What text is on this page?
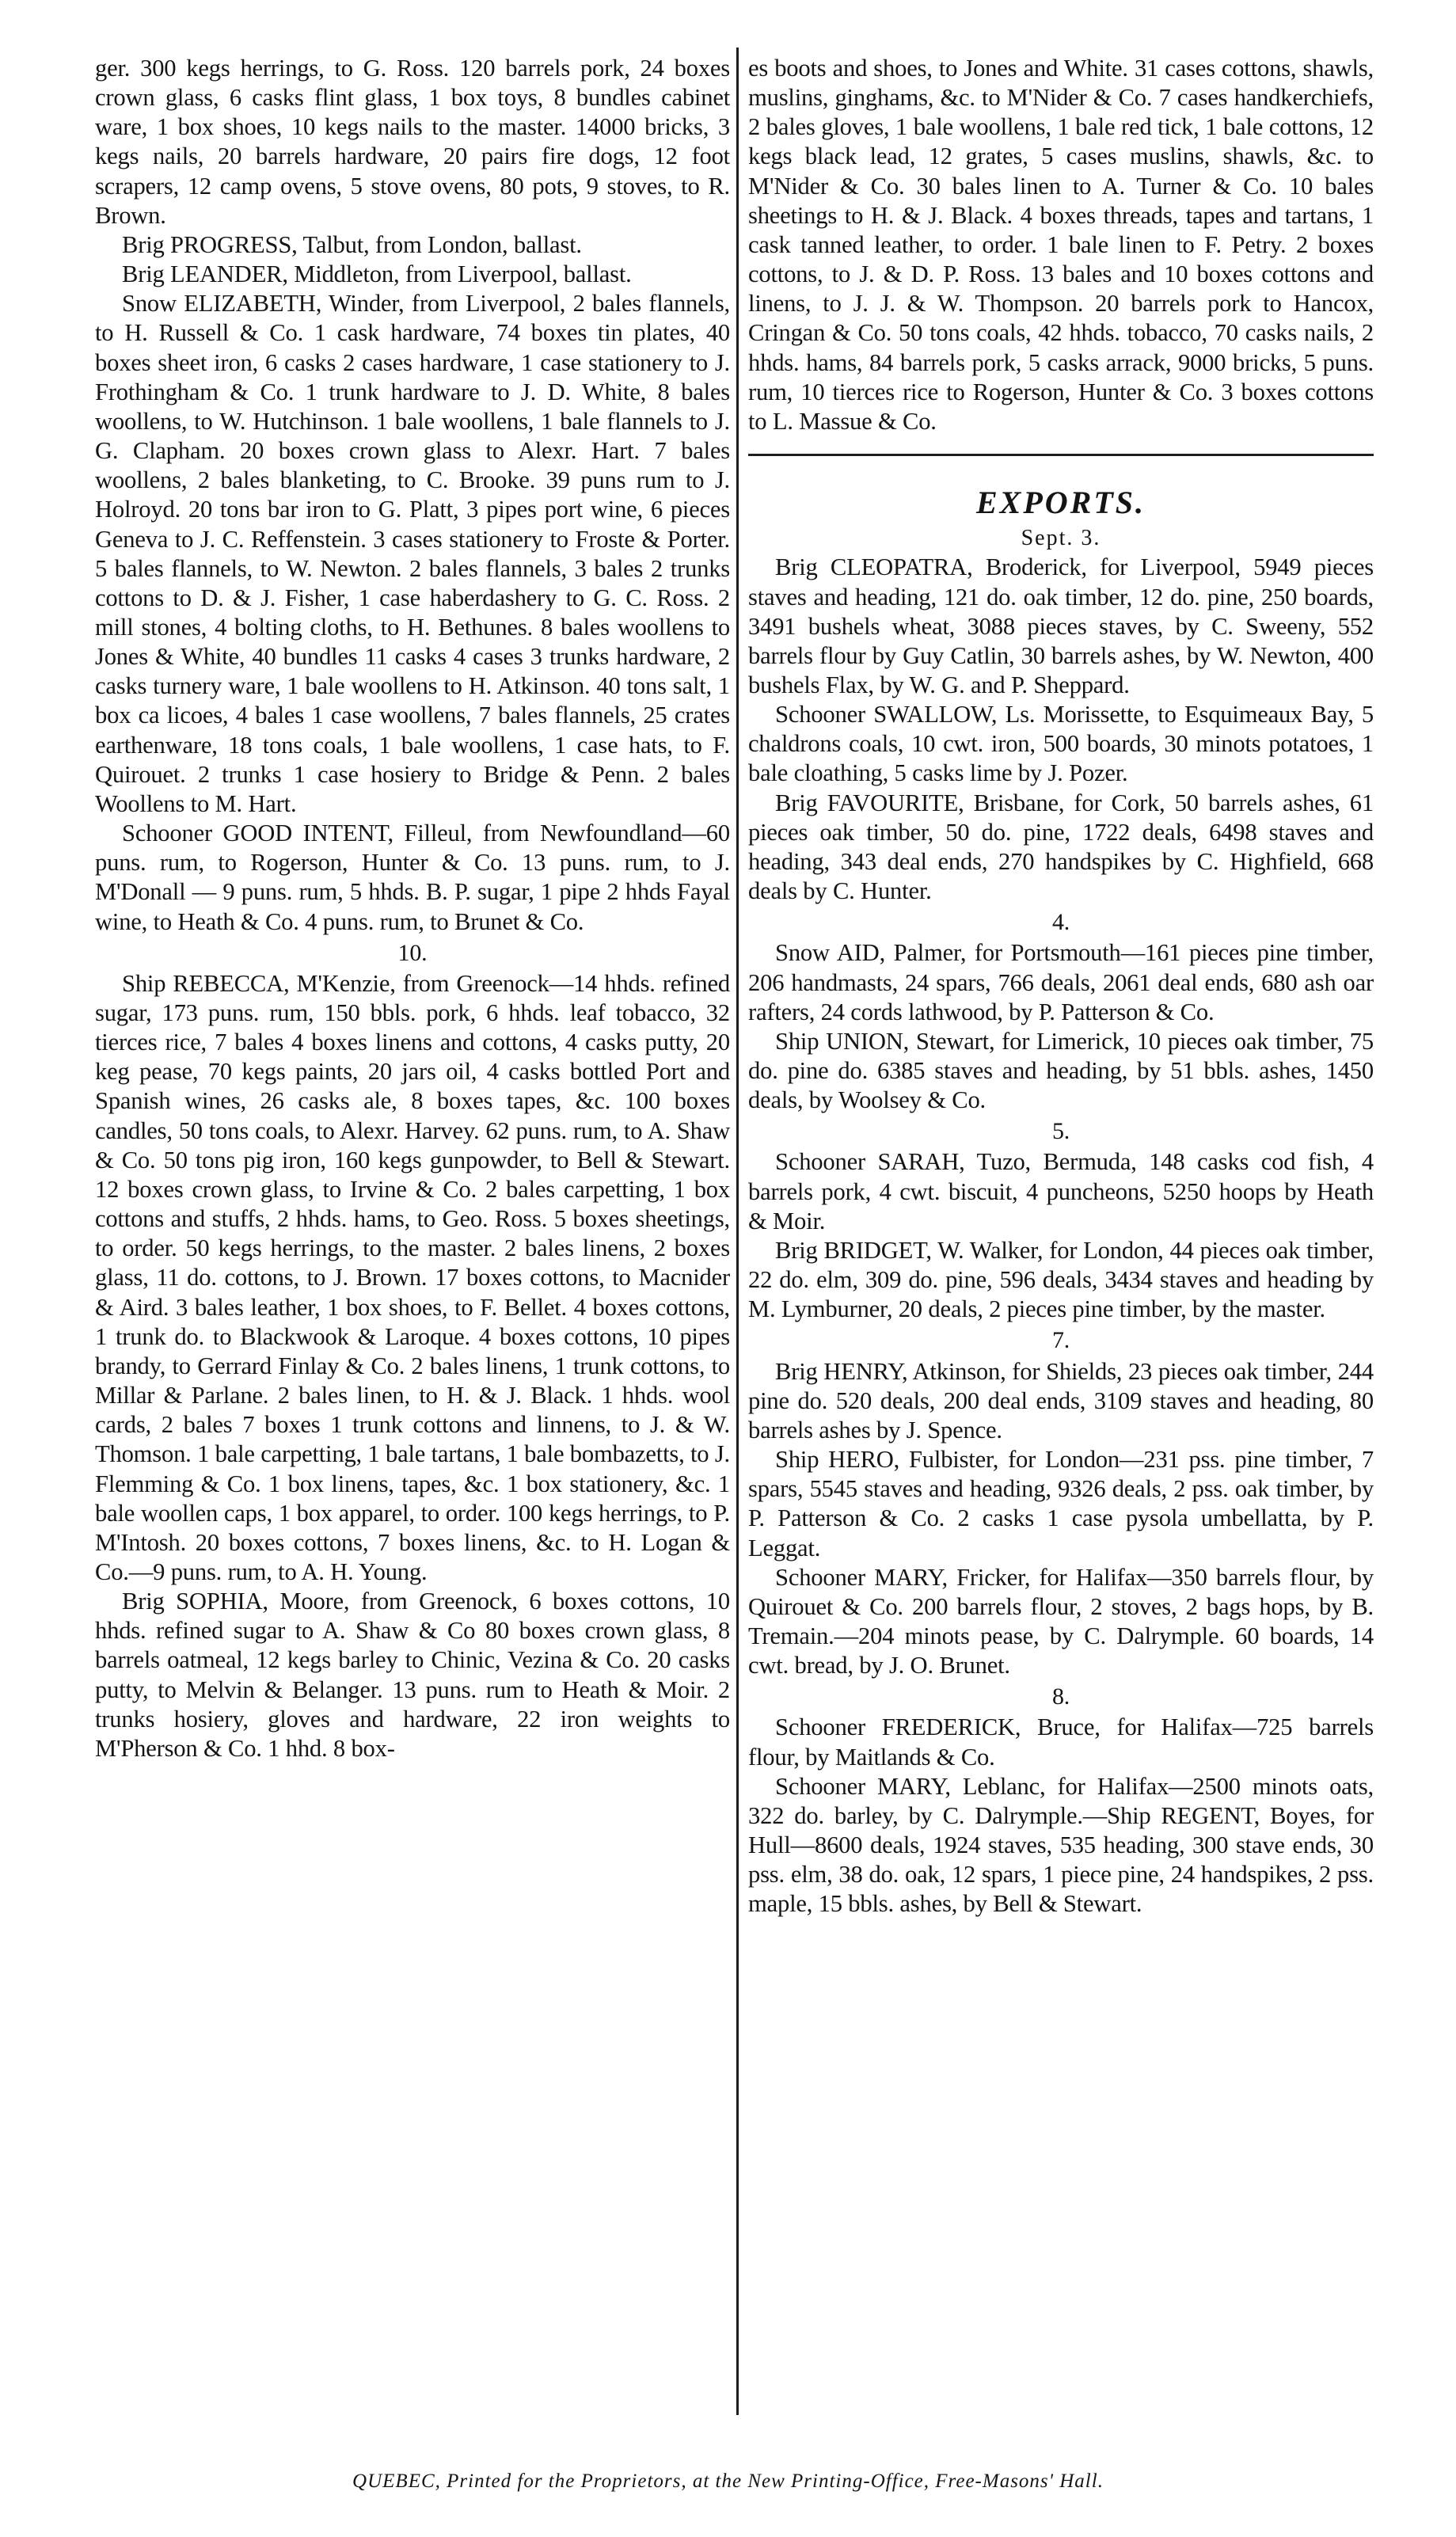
ger. 300 kegs herrings, to G. Ross. 120 barrels pork, 24 boxes crown glass, 6 casks flint glass, 1 box toys, 8 bundles cabinet ware, 1 box shoes, 10 kegs nails to the master. 14000 bricks, 3 kegs nails, 20 barrels hardware, 20 pairs fire dogs, 12 foot scrapers, 12 camp ovens, 5 stove ovens, 80 pots, 9 stoves, to R. Brown.

Brig PROGRESS, Talbut, from London, ballast.

Brig LEANDER, Middleton, from Liverpool, ballast.

Snow ELIZABETH, Winder, from Liverpool, 2 bales flannels, to H. Russell & Co. 1 cask hardware, 74 boxes tin plates, 40 boxes sheet iron, 6 casks 2 cases hardware, 1 case stationery to J. Frothingham & Co. 1 trunk hardware to J. D. White, 8 bales woollens, to W. Hutchinson. 1 bale woollens, 1 bale flannels to J. G. Clapham. 20 boxes crown glass to Alexr. Hart. 7 bales woollens, 2 bales blanketing, to C. Brooke. 39 puns rum to J. Holroyd. 20 tons bar iron to G. Platt, 3 pipes port wine, 6 pieces Geneva to J. C. Reffenstein. 3 cases stationery to Froste & Porter. 5 bales flannels, to W. Newton. 2 bales flannels, 3 bales 2 trunks cottons to D. & J. Fisher, 1 case haberdashery to G. C. Ross. 2 mill stones, 4 bolting cloths, to H. Bethunes. 8 bales woollens to Jones & White, 40 bundles 11 casks 4 cases 3 trunks hardware, 2 casks turnery ware, 1 bale woollens to H. Atkinson. 40 tons salt, 1 box ca licoes, 4 bales 1 case woollens, 7 bales flannels, 25 crates earthenware, 18 tons coals, 1 bale woollens, 1 case hats, to F. Quirouet. 2 trunks 1 case hosiery to Bridge & Penn. 2 bales Woollens to M. Hart.

Schooner GOOD INTENT, Filleul, from Newfoundland—60 puns. rum, to Rogerson, Hunter & Co. 13 puns. rum, to J. M'Donall — 9 puns. rum, 5 hhds. B. P. sugar, 1 pipe 2 hhds Fayal wine, to Heath & Co. 4 puns. rum, to Brunet & Co.

10.

Ship REBECCA, M'Kenzie, from Greenock—14 hhds. refined sugar, 173 puns. rum, 150 bbls. pork, 6 hhds. leaf tobacco, 32 tierces rice, 7 bales 4 boxes linens and cottons, 4 casks putty, 20 keg pease, 70 kegs paints, 20 jars oil, 4 casks bottled Port and Spanish wines, 26 casks ale, 8 boxes tapes, &c. 100 boxes candles, 50 tons coals, to Alexr. Harvey. 62 puns. rum, to A. Shaw & Co. 50 tons pig iron, 160 kegs gunpowder, to Bell & Stewart. 12 boxes crown glass, to Irvine & Co. 2 bales carpetting, 1 box cottons and stuffs, 2 hhds. hams, to Geo. Ross. 5 boxes sheetings, to order. 50 kegs herrings, to the master. 2 bales linens, 2 boxes glass, 11 do. cottons, to J. Brown. 17 boxes cottons, to Macnider & Aird. 3 bales leather, 1 box shoes, to F. Bellet. 4 boxes cottons, 1 trunk do. to Blackwook & Laroque. 4 boxes cottons, 10 pipes brandy, to Gerrard Finlay & Co. 2 bales linens, 1 trunk cottons, to Millar & Parlane. 2 bales linen, to H. & J. Black. 1 hhds. wool cards, 2 bales 7 boxes 1 trunk cottons and linnens, to J. & W. Thomson. 1 bale carpetting, 1 bale tartans, 1 bale bombazetts, to J. Flemming & Co. 1 box linens, tapes, &c. 1 box stationery, &c. 1 bale woollen caps, 1 box apparel, to order. 100 kegs herrings, to P. M'Intosh. 20 boxes cottons, 7 boxes linens, &c. to H. Logan & Co.—9 puns. rum, to A. H. Young.

Brig SOPHIA, Moore, from Greenock, 6 boxes cottons, 10 hhds. refined sugar to A. Shaw & Co 80 boxes crown glass, 8 barrels oatmeal, 12 kegs barley to Chinic, Vezina & Co. 20 casks putty, to Melvin & Belanger. 13 puns. rum to Heath & Moir. 2 trunks hosiery, gloves and hardware, 22 iron weights to M'Pherson & Co. 1 hhd. 8 box-

es boots and shoes, to Jones and White. 31 cases cottons, shawls, muslins, ginghams, &c. to M'Nider & Co. 7 cases handkerchiefs, 2 bales gloves, 1 bale woollens, 1 bale red tick, 1 bale cottons, 12 kegs black lead, 12 grates, 5 cases muslins, shawls, &c. to M'Nider & Co. 30 bales linen to A. Turner & Co. 10 bales sheetings to H. & J. Black. 4 boxes threads, tapes and tartans, 1 cask tanned leather, to order. 1 bale linen to F. Petry. 2 boxes cottons, to J. & D. P. Ross. 13 bales and 10 boxes cottons and linens, to J. J. & W. Thompson. 20 barrels pork to Hancox, Cringan & Co. 50 tons coals, 42 hhds. tobacco, 70 casks nails, 2 hhds. hams, 84 barrels pork, 5 casks arrack, 9000 bricks, 5 puns. rum, 10 tierces rice to Rogerson, Hunter & Co. 3 boxes cottons to L. Massue & Co.

EXPORTS.

Sept. 3.

Brig CLEOPATRA, Broderick, for Liverpool, 5949 pieces staves and heading, 121 do. oak timber, 12 do. pine, 250 boards, 3491 bushels wheat, 3088 pieces staves, by C. Sweeny, 552 barrels flour by Guy Catlin, 30 barrels ashes, by W. Newton, 400 bushels Flax, by W. G. and P. Sheppard.

Schooner SWALLOW, Ls. Morissette, to Esquimeaux Bay, 5 chaldrons coals, 10 cwt. iron, 500 boards, 30 minots potatoes, 1 bale cloathing, 5 casks lime by J. Pozer.

Brig FAVOURITE, Brisbane, for Cork, 50 barrels ashes, 61 pieces oak timber, 50 do. pine, 1722 deals, 6498 staves and heading, 343 deal ends, 270 handspikes by C. Highfield, 668 deals by C. Hunter.

4.

Snow AID, Palmer, for Portsmouth—161 pieces pine timber, 206 handmasts, 24 spars, 766 deals, 2061 deal ends, 680 ash oar rafters, 24 cords lathwood, by P. Patterson & Co.

Ship UNION, Stewart, for Limerick, 10 pieces oak timber, 75 do. pine do. 6385 staves and heading, by 51 bbls. ashes, 1450 deals, by Woolsey & Co.

5.

Schooner SARAH, Tuzo, Bermuda, 148 casks cod fish, 4 barrels pork, 4 cwt. biscuit, 4 puncheons, 5250 hoops by Heath & Moir.

Brig BRIDGET, W. Walker, for London, 44 pieces oak timber, 22 do. elm, 309 do. pine, 596 deals, 3434 staves and heading by M. Lymburner, 20 deals, 2 pieces pine timber, by the master.

7.

Brig HENRY, Atkinson, for Shields, 23 pieces oak timber, 244 pine do. 520 deals, 200 deal ends, 3109 staves and heading, 80 barrels ashes by J. Spence.

Ship HERO, Fulbister, for London—231 pss. pine timber, 7 spars, 5545 staves and heading, 9326 deals, 2 pss. oak timber, by P. Patterson & Co. 2 casks 1 case pysola umbellatta, by P. Leggat.

Schooner MARY, Fricker, for Halifax—350 barrels flour, by Quirouet & Co. 200 barrels flour, 2 stoves, 2 bags hops, by B. Tremain.—204 minots pease, by C. Dalrymple. 60 boards, 14 cwt. bread, by J. O. Brunet.

8.

Schooner FREDERICK, Bruce, for Halifax—725 barrels flour, by Maitlands & Co.

Schooner MARY, Leblanc, for Halifax—2500 minots oats, 322 do. barley, by C. Dalrymple.—Ship REGENT, Boyes, for Hull—8600 deals, 1924 staves, 535 heading, 300 stave ends, 30 pss. elm, 38 do. oak, 12 spars, 1 piece pine, 24 handspikes, 2 pss. maple, 15 bbls. ashes, by Bell & Stewart.

QUEBEC, Printed for the Proprietors, at the New Printing-Office, Free-Masons' Hall.
